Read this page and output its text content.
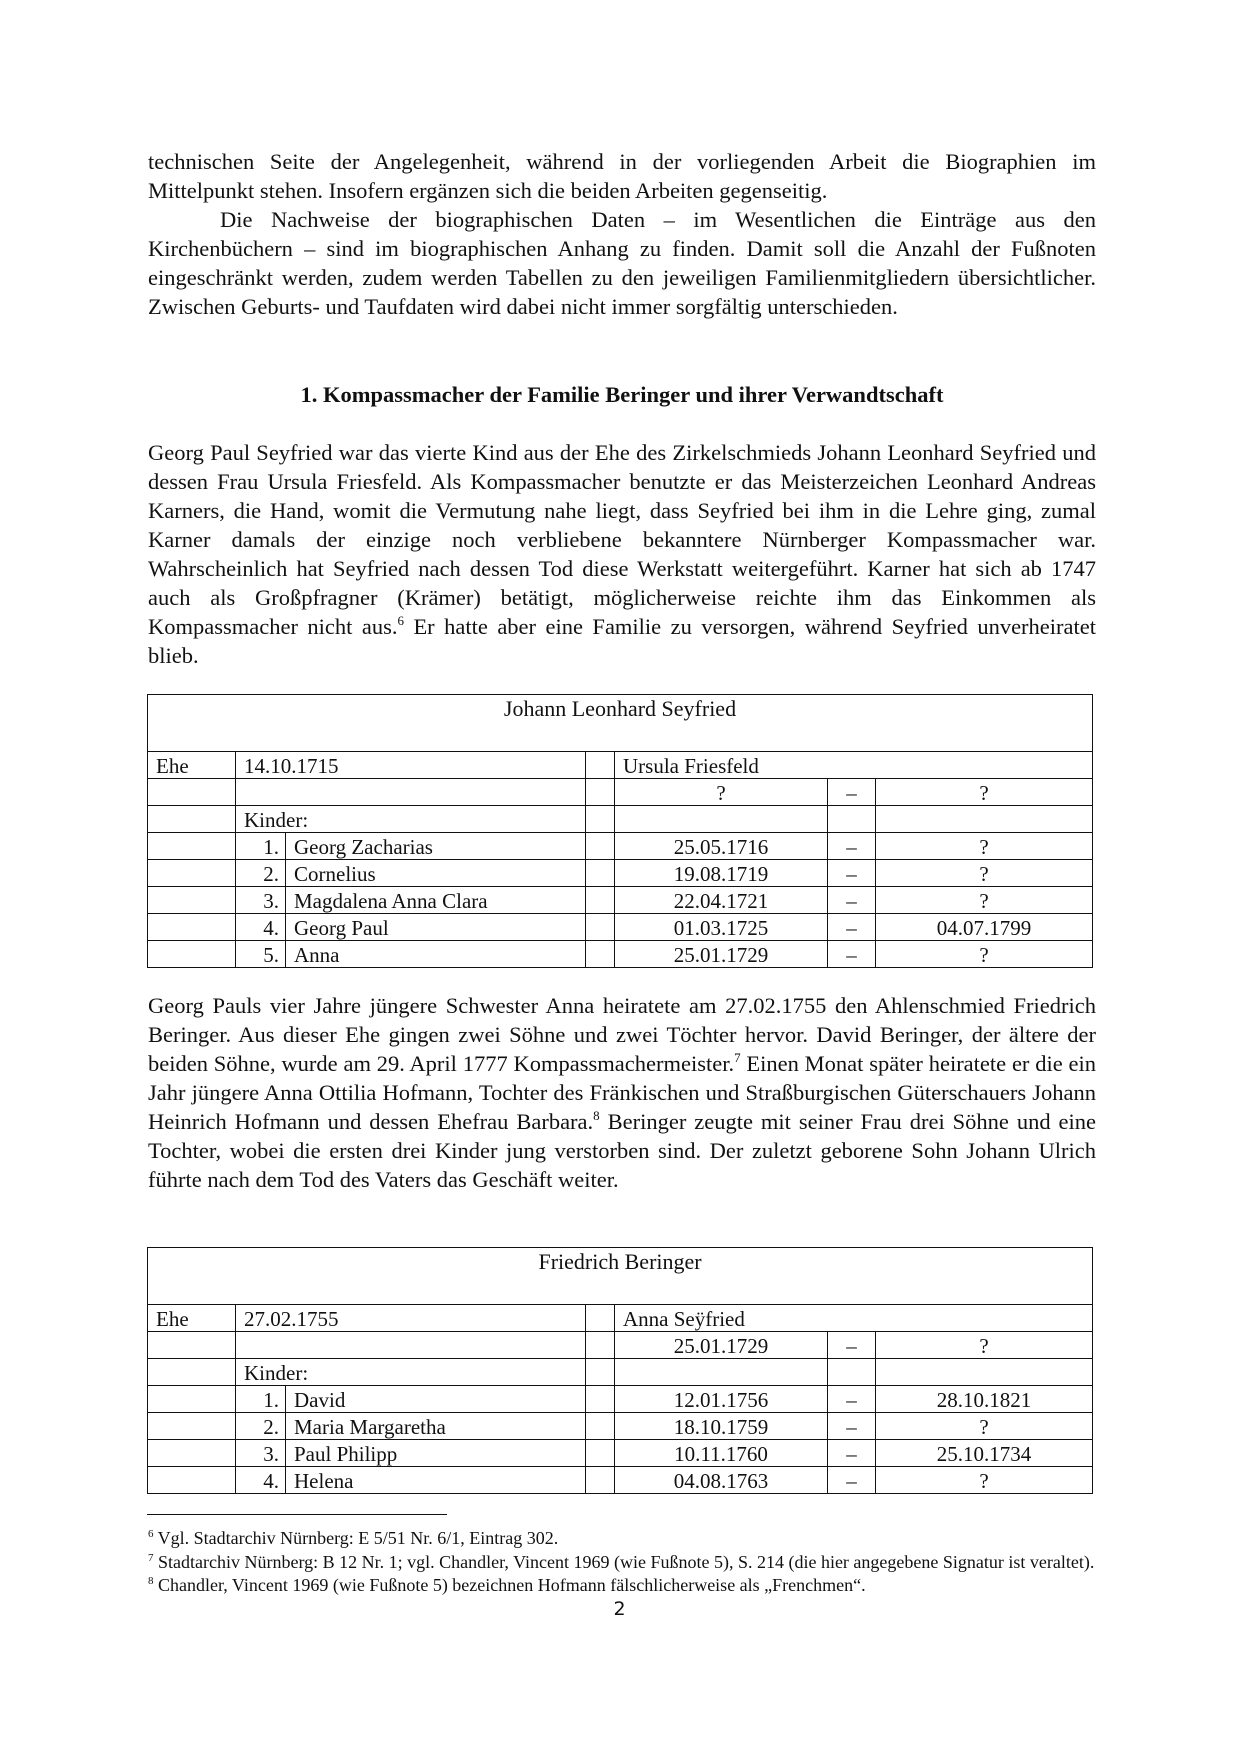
technischen Seite der Angelegenheit, während in der vorliegenden Arbeit die Biographien im Mittelpunkt stehen. Insofern ergänzen sich die beiden Arbeiten gegenseitig.

Die Nachweise der biographischen Daten – im Wesentlichen die Einträge aus den Kirchenbüchern – sind im biographischen Anhang zu finden. Damit soll die Anzahl der Fußnoten eingeschränkt werden, zudem werden Tabellen zu den jeweiligen Familienmitgliedern übersichtlicher. Zwischen Geburts- und Taufdaten wird dabei nicht immer sorgfältig unterschieden.

1. Kompassmacher der Familie Beringer und ihrer Verwandtschaft

Georg Paul Seyfried war das vierte Kind aus der Ehe des Zirkelschmieds Johann Leonhard Seyfried und dessen Frau Ursula Friesfeld. Als Kompassmacher benutzte er das Meisterzeichen Leonhard Andreas Karners, die Hand, womit die Vermutung nahe liegt, dass Seyfried bei ihm in die Lehre ging, zumal Karner damals der einzige noch verbliebene bekanntere Nürnberger Kompassmacher war. Wahrscheinlich hat Seyfried nach dessen Tod diese Werkstatt weitergeführt. Karner hat sich ab 1747 auch als Großpfragner (Krämer) betätigt, möglicherweise reichte ihm das Einkommen als Kompassmacher nicht aus.$^6$ Er hatte aber eine Familie zu versorgen, während Seyfried unverheiratet blieb.

Johann Leonhard Seyfried						
Ehe	14.10.1715			Ursula Friesfeld		
				?	–	?
	Kinder:					
	1.	Georg Zacharias		25.05.1716	–	?
	2.	Cornelius		19.08.1719	–	?
	3.	Magdalena Anna Clara		22.04.1721	–	?
	4.	Georg Paul		01.03.1725	–	04.07.1799
	5.	Anna		25.01.1729	–	?

Georg Pauls vier Jahre jüngere Schwester Anna heiratete am 27.02.1755 den Ahlenschmied Friedrich Beringer. Aus dieser Ehe gingen zwei Söhne und zwei Töchter hervor. David Beringer, der ältere der beiden Söhne, wurde am 29. April 1777 Kompassmachermeister.$^7$ Einen Monat später heiratete er die ein Jahr jüngere Anna Ottilia Hofmann, Tochter des Fränkischen und Straßburgischen Güterschauers Johann Heinrich Hofmann und dessen Ehefrau Barbara.$^8$ Beringer zeugte mit seiner Frau drei Söhne und eine Tochter, wobei die ersten drei Kinder jung verstorben sind. Der zuletzt geborene Sohn Johann Ulrich führte nach dem Tod des Vaters das Geschäft weiter.

Friedrich Beringer						
Ehe	27.02.1755			Anna Seÿfried		
				25.01.1729	–	?
	Kinder:					
	1.	David		12.01.1756	–	28.10.1821
	2.	Maria Margaretha		18.10.1759	–	?
	3.	Paul Philipp		10.11.1760	–	25.10.1734
	4.	Helena		04.08.1763	–	?

$^6$ Vgl. Stadtarchiv Nürnberg: E 5/51 Nr. 6/1, Eintrag 302.

$^7$ Stadtarchiv Nürnberg: B 12 Nr. 1; vgl. Chandler, Vincent 1969 (wie Fußnote 5), S. 214 (die hier angegebene Signatur ist veraltet).

$^8$ Chandler, Vincent 1969 (wie Fußnote 5) bezeichnen Hofmann fälschlicherweise als „Frenchmen“.

2
